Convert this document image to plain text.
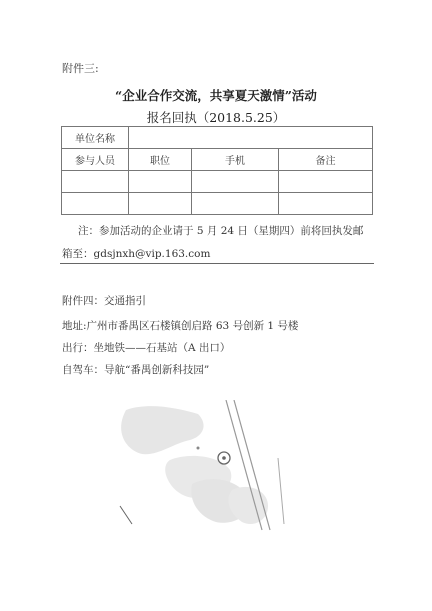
附件三:
“企业合作交流，共享夏天激情”活动
报名回执（2018.5.25）
单位名称			
参与人员	职位	手机	备注

注：参加活动的企业请于 5 月 24 日（星期四）前将回执发邮
箱至：gdsjnxh@vip.163.com
附件四：交通指引
地址:广州市番禺区石楼镇创启路 63 号创新 1 号楼
出行：坐地铁——石基站（A 出口）
自驾车：导航“番禺创新科技园”
